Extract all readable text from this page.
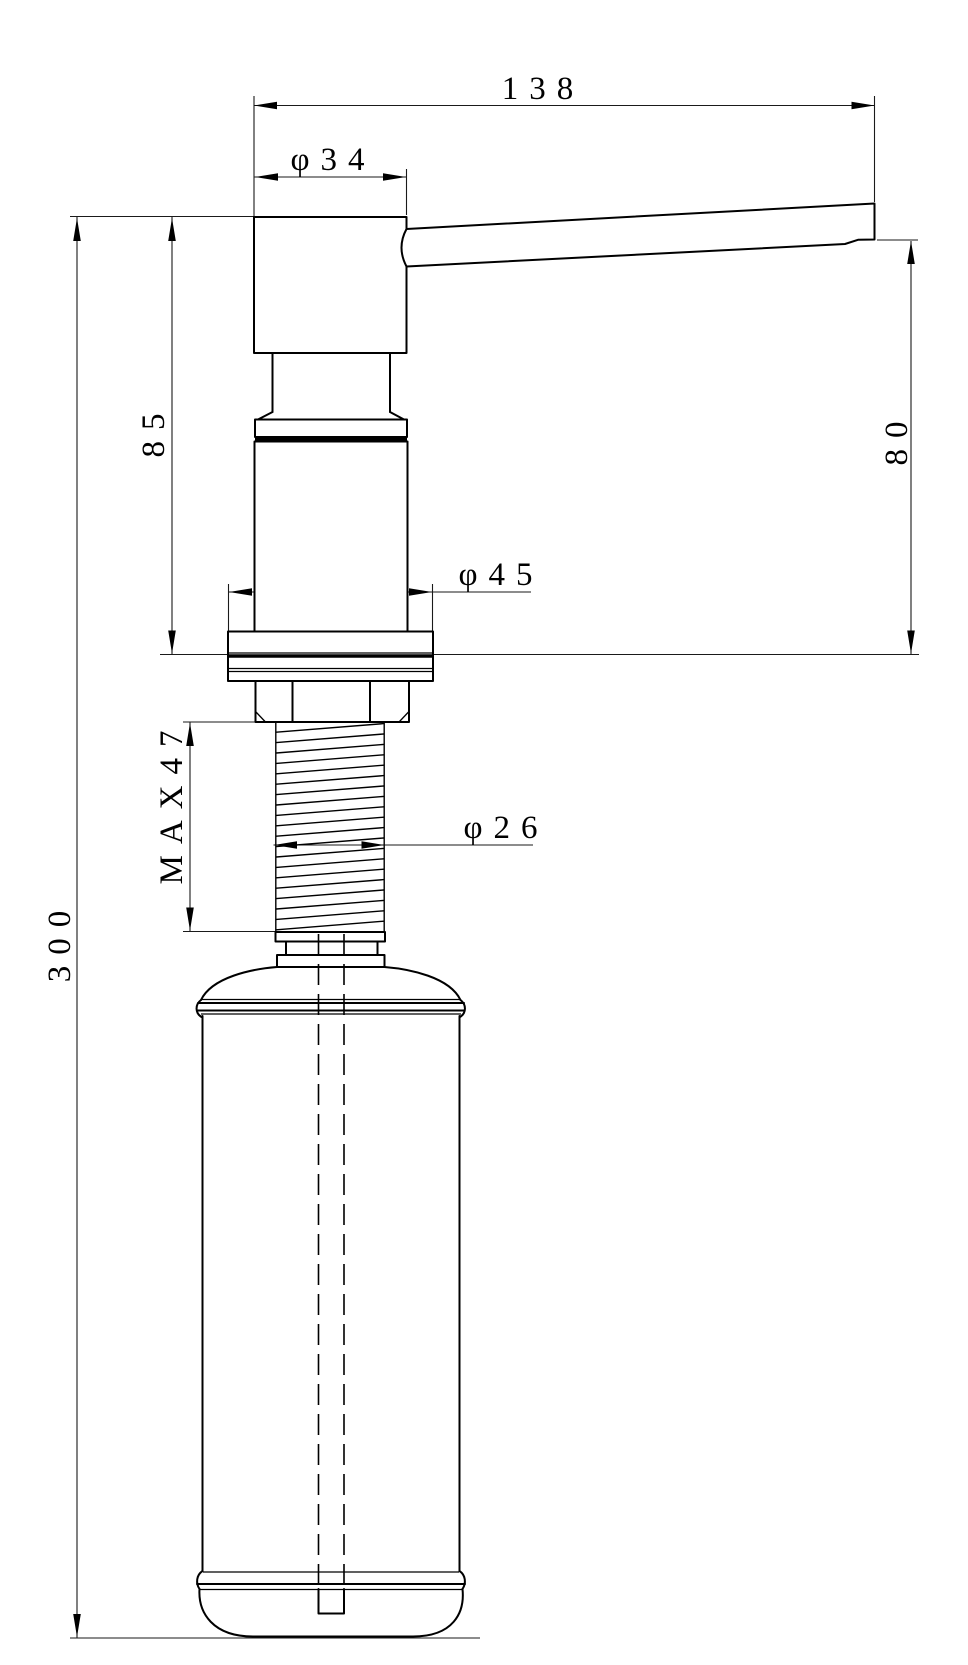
138
φ34
85
300
80
φ45
MAX47	φ26
